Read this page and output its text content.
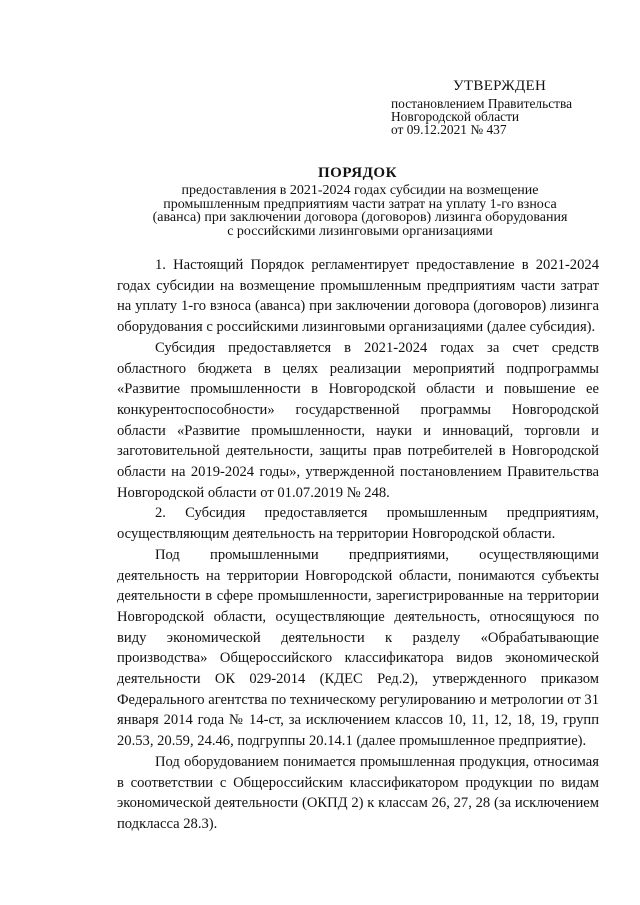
УТВЕРЖДЕН
постановлением Правительства
Новгородской области
от 09.12.2021 № 437
ПОРЯДОК
предоставления в 2021-2024 годах субсидии на возмещение
промышленным предприятиям части затрат на уплату 1-го взноса
(аванса) при заключении договора (договоров) лизинга оборудования
с российскими лизинговыми организациями

1. Настоящий Порядок регламентирует предоставление в 2021-2024 годах субсидии на возмещение промышленным предприятиям части затрат на уплату 1-го взноса (аванса) при заключении договора (договоров) лизинга оборудования с российскими лизинговыми организациями (далее субсидия).

Субсидия предоставляется в 2021-2024 годах за счет средств областного бюджета в целях реализации мероприятий подпрограммы «Развитие промышленности в Новгородской области и повышение ее конкурентоспособности» государственной программы Новгородской области «Развитие промышленности, науки и инноваций, торговли и заготовительной деятельности, защиты прав потребителей в Новгородской области на 2019-2024 годы», утвержденной постановлением Правительства Новгородской области от 01.07.2019 № 248.

2. Субсидия предоставляется промышленным предприятиям, осуществляющим деятельность на территории Новгородской области.

Под промышленными предприятиями, осуществляющими деятельность на территории Новгородской области, понимаются субъекты деятельности в сфере промышленности, зарегистрированные на территории Новгородской области, осуществляющие деятельность, относящуюся по виду экономической деятельности к разделу «Обрабатывающие производства» Общероссийского классификатора видов экономической деятельности ОК 029-2014 (КДЕС Ред.2), утвержденного приказом Федерального агентства по техническому регулированию и метрологии от 31 января 2014 года № 14-ст, за исключением классов 10, 11, 12, 18, 19, групп 20.53, 20.59, 24.46, подгруппы 20.14.1 (далее промышленное предприятие).

Под оборудованием понимается промышленная продукция, относимая в соответствии с Общероссийским классификатором продукции по видам экономической деятельности (ОКПД 2) к классам 26, 27, 28 (за исключением подкласса 28.3).
